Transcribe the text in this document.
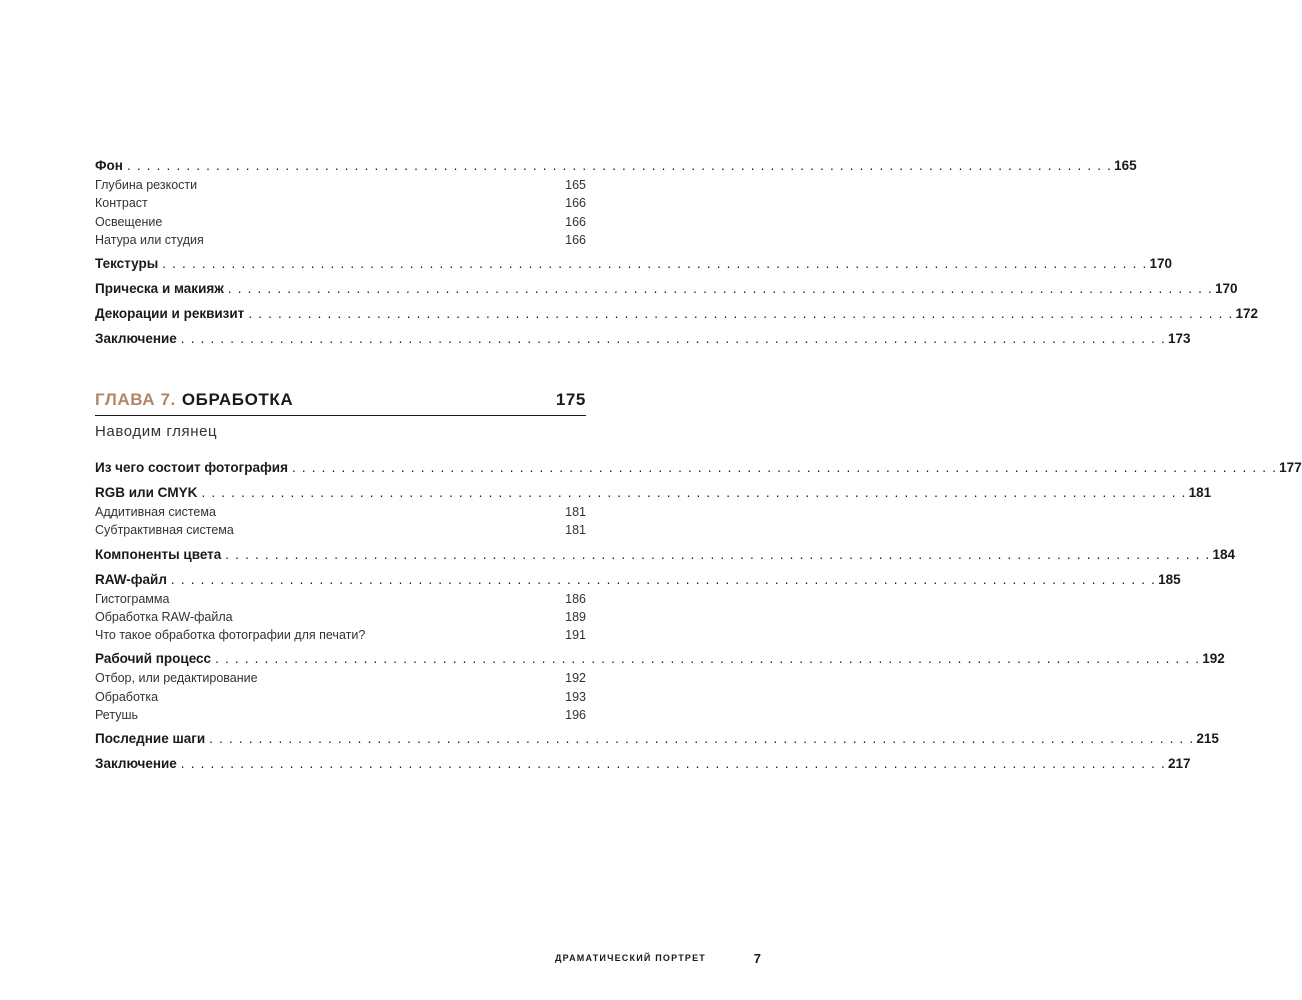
Фон . . . . . . . . . . . . . . . . . . . . . . . . . . . . . . . . . . . . . . . . . . . . . . . . . . . . . . . . . . . . . . . . . . . . . . . . . . . . . . . . . . . . . . . . . . . . . . . . . . . . 165
Глубина резкости	165
Контраст	166
Освещение	166
Натура или студия	166
Текстуры . . . . . . . . . . . . . . . . . . . . . . . . . . . . . . . . . . . . . . . . . . . . . . . . . . . . . . . . . . . . . . . . . . . . . . . . . . . . . . . . . . . . . . . . . . . . . . . . . . . . 170
Прическа и макияж . . . . . . . . . . . . . . . . . . . . . . . . . . . . . . . . . . . . . . . . . . . . . . . . . . . . . . . . . . . . . . . . . . . . . . . . . . . . . . . . . . . . . . . . . . . . . . . . . . . . 170
Декорации и реквизит . . . . . . . . . . . . . . . . . . . . . . . . . . . . . . . . . . . . . . . . . . . . . . . . . . . . . . . . . . . . . . . . . . . . . . . . . . . . . . . . . . . . . . . . . . . . . . . . . . . . 172
Заключение . . . . . . . . . . . . . . . . . . . . . . . . . . . . . . . . . . . . . . . . . . . . . . . . . . . . . . . . . . . . . . . . . . . . . . . . . . . . . . . . . . . . . . . . . . . . . . . . . . . . 173
ГЛАВА 7. ОБРАБОТКА	175
Наводим глянец
Из чего состоит фотография . . . . . . . . . . . . . . . . . . . . . . . . . . . . . . . . . . . . . . . . . . . . . . . . . . . . . . . . . . . . . . . . . . . . . . . . . . . . . . . . . . . . . . . . . . . . . . . . . . . . 177
RGB или CMYK . . . . . . . . . . . . . . . . . . . . . . . . . . . . . . . . . . . . . . . . . . . . . . . . . . . . . . . . . . . . . . . . . . . . . . . . . . . . . . . . . . . . . . . . . . . . . . . . . . . . 181
Аддитивная система	181
Субтрактивная система	181
Компоненты цвета . . . . . . . . . . . . . . . . . . . . . . . . . . . . . . . . . . . . . . . . . . . . . . . . . . . . . . . . . . . . . . . . . . . . . . . . . . . . . . . . . . . . . . . . . . . . . . . . . . . . 184
RAW-файл . . . . . . . . . . . . . . . . . . . . . . . . . . . . . . . . . . . . . . . . . . . . . . . . . . . . . . . . . . . . . . . . . . . . . . . . . . . . . . . . . . . . . . . . . . . . . . . . . . . . 185
Гистограмма	186
Обработка RAW-файла	189
Что такое обработка фотографии для печати?	191
Рабочий процесс . . . . . . . . . . . . . . . . . . . . . . . . . . . . . . . . . . . . . . . . . . . . . . . . . . . . . . . . . . . . . . . . . . . . . . . . . . . . . . . . . . . . . . . . . . . . . . . . . . . . 192
Отбор, или редактирование	192
Обработка	193
Ретушь	196
Последние шаги . . . . . . . . . . . . . . . . . . . . . . . . . . . . . . . . . . . . . . . . . . . . . . . . . . . . . . . . . . . . . . . . . . . . . . . . . . . . . . . . . . . . . . . . . . . . . . . . . . . . 215
Заключение . . . . . . . . . . . . . . . . . . . . . . . . . . . . . . . . . . . . . . . . . . . . . . . . . . . . . . . . . . . . . . . . . . . . . . . . . . . . . . . . . . . . . . . . . . . . . . . . . . . . 217
ДРАМАТИЧЕСКИЙ ПОРТРЕТ	7
